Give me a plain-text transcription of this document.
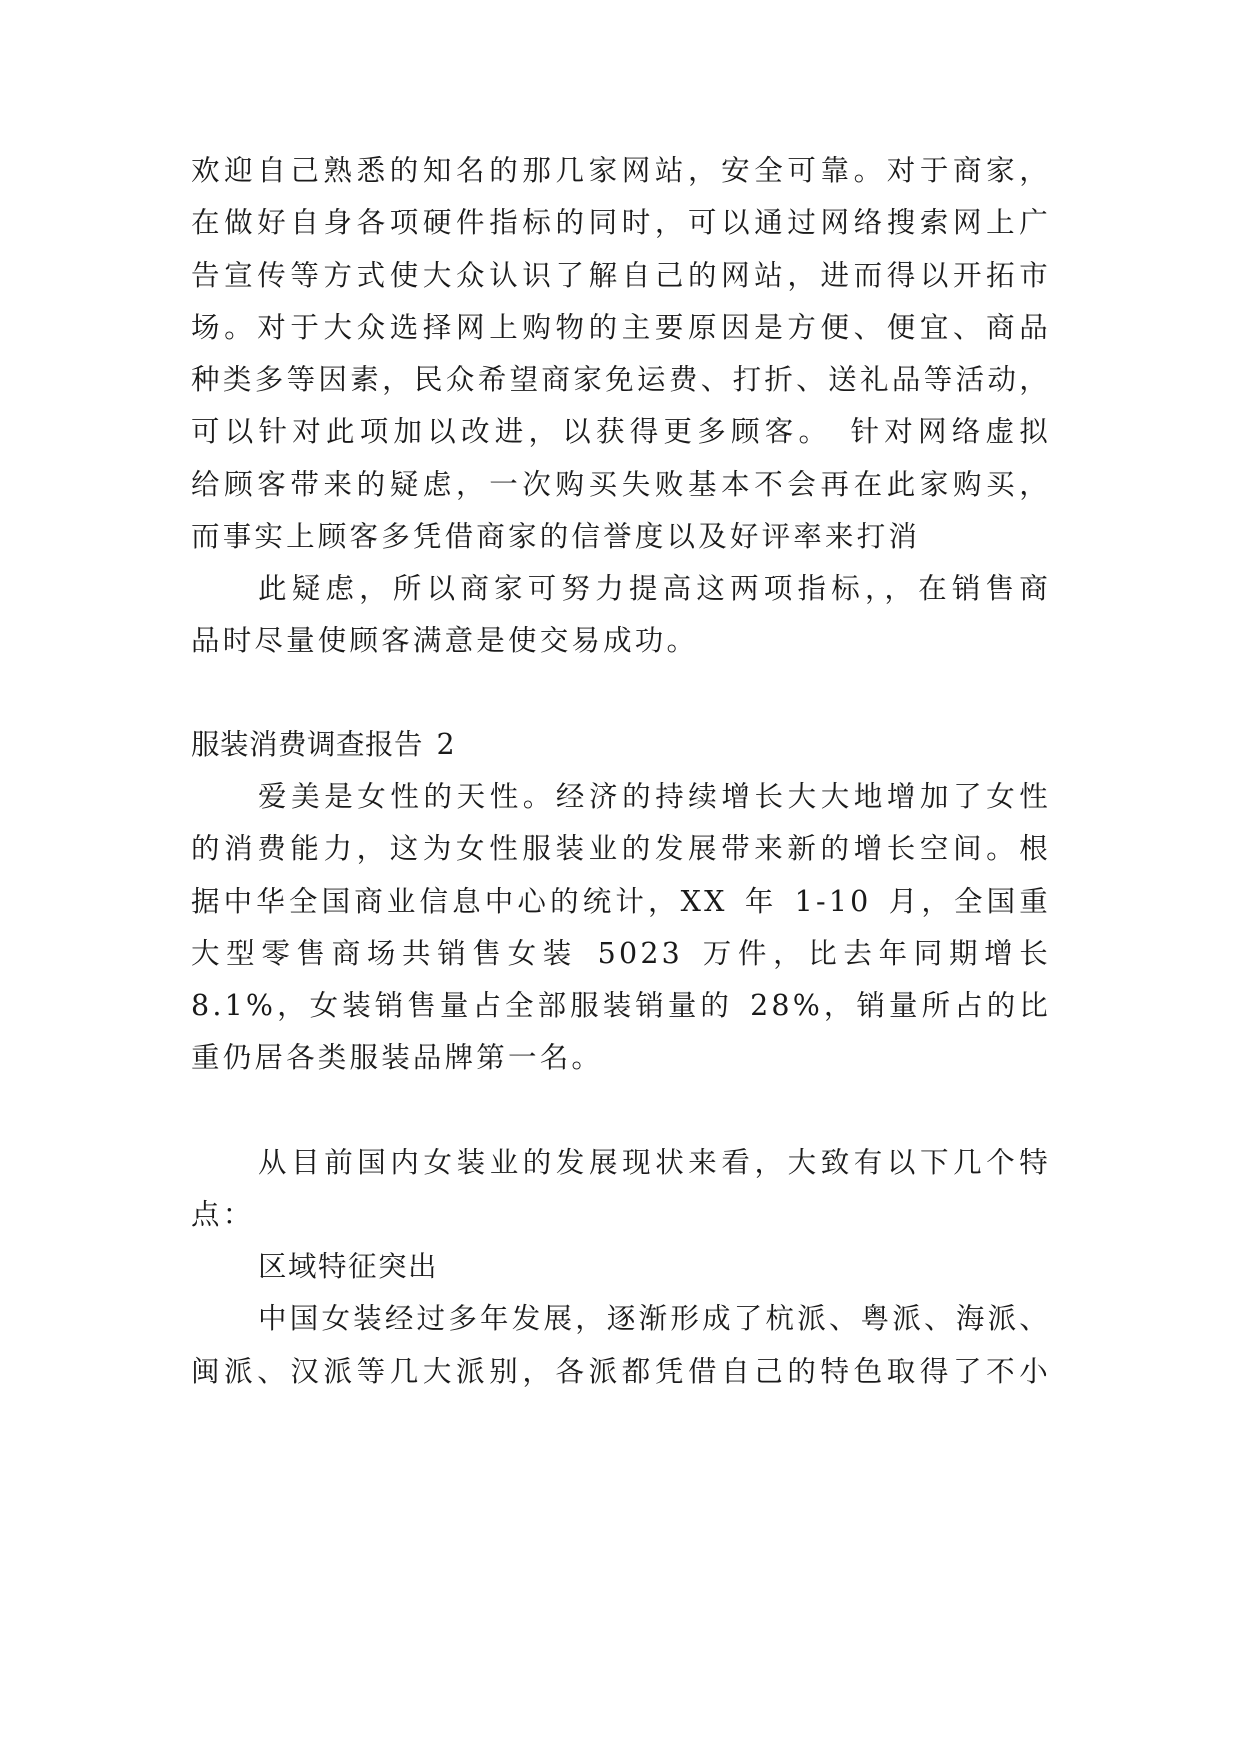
欢迎自己熟悉的知名的那几家网站，安全可靠。对于商家，
在做好自身各项硬件指标的同时，可以通过网络搜索网上广
告宣传等方式使大众认识了解自己的网站，进而得以开拓市
场。对于大众选择网上购物的主要原因是方便、便宜、商品
种类多等因素，民众希望商家免运费、打折、送礼品等活动，
可以针对此项加以改进，以获得更多顾客。 针对网络虚拟
给顾客带来的疑虑，一次购买失败基本不会再在此家购买，
而事实上顾客多凭借商家的信誉度以及好评率来打消
此疑虑，所以商家可努力提高这两项指标，，在销售商
品时尽量使顾客满意是使交易成功。
服装消费调查报告 2
爱美是女性的天性。经济的持续增长大大地增加了女性
的消费能力，这为女性服装业的发展带来新的增长空间。根
据中华全国商业信息中心的统计，XX 年 1-10 月，全国重
大型零售商场共销售女装 5023 万件，比去年同期增长
8.1%，女装销售量占全部服装销量的 28%，销量所占的比
重仍居各类服装品牌第一名。
从目前国内女装业的发展现状来看，大致有以下几个特
点：
区域特征突出
中国女装经过多年发展，逐渐形成了杭派、粤派、海派、
闽派、汉派等几大派别，各派都凭借自己的特色取得了不小
